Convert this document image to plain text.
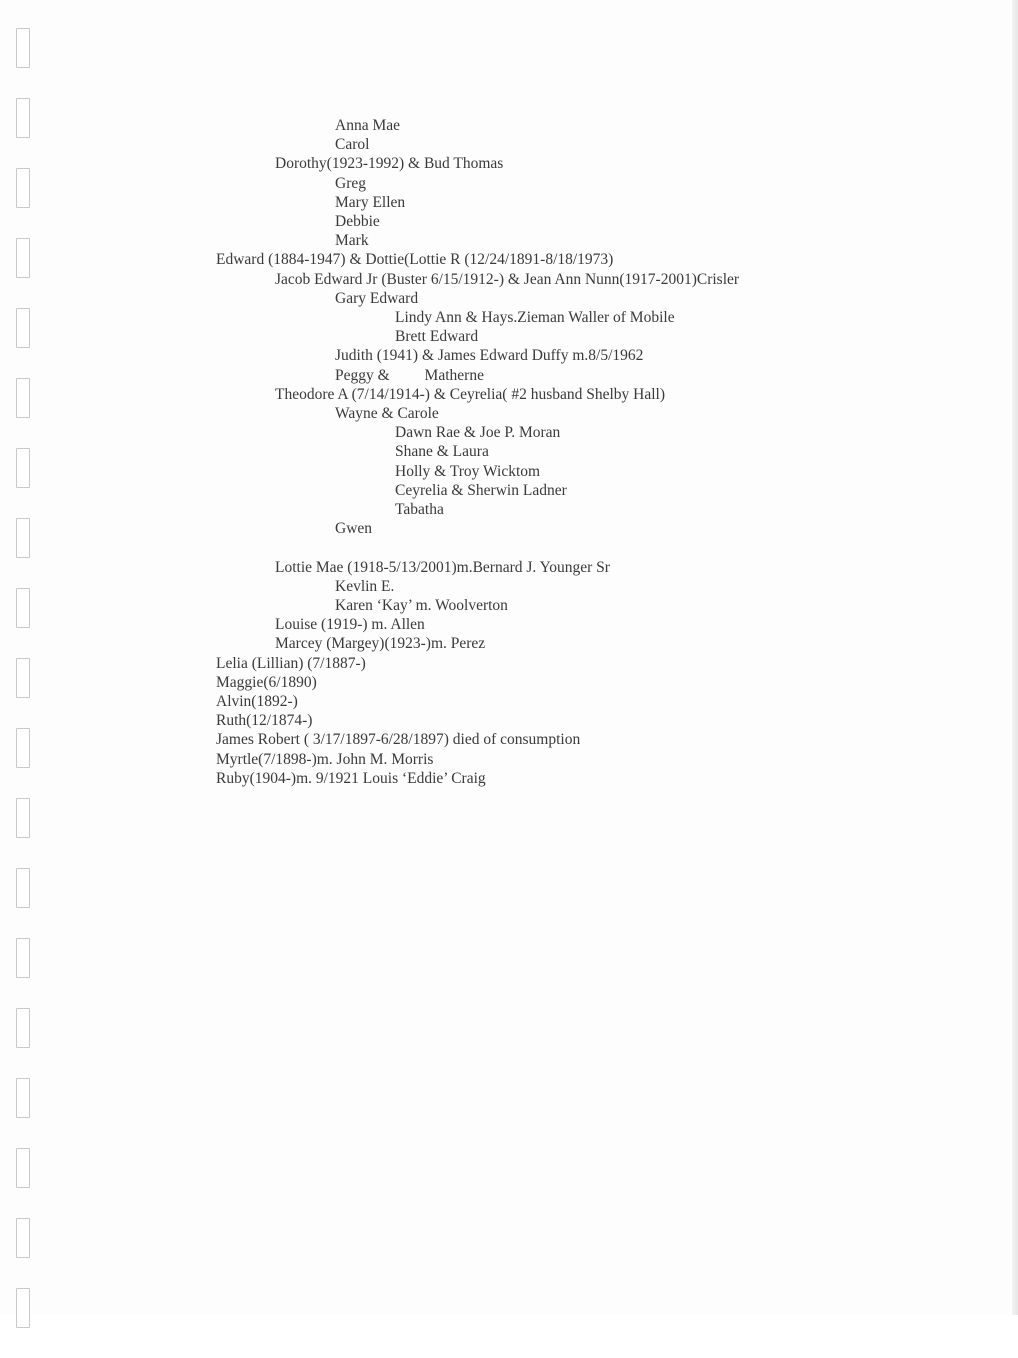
Anna Mae
Carol
Dorothy(1923-1992) & Bud Thomas
Greg
Mary Ellen
Debbie
Mark
Edward (1884-1947) & Dottie(Lottie R (12/24/1891-8/18/1973)
Jacob Edward Jr (Buster 6/15/1912-) & Jean Ann Nunn(1917-2001)Crisler
Gary Edward
Lindy Ann & Hays.Zieman Waller of Mobile
Brett Edward
Judith (1941) & James Edward Duffy m.8/5/1962
Peggy &         Matherne
Theodore A (7/14/1914-) & Ceyrelia( #2 husband Shelby Hall)
Wayne & Carole
Dawn Rae & Joe P. Moran
Shane & Laura
Holly & Troy Wicktom
Ceyrelia & Sherwin Ladner
Tabatha
Gwen
Lottie Mae (1918-5/13/2001)m.Bernard J. Younger Sr
Kevlin E.
Karen ‘Kay’ m. Woolverton
Louise (1919-) m. Allen
Marcey (Margey)(1923-)m. Perez
Lelia (Lillian) (7/1887-)
Maggie(6/1890)
Alvin(1892-)
Ruth(12/1874-)
James Robert ( 3/17/1897-6/28/1897) died of consumption
Myrtle(7/1898-)m. John M. Morris
Ruby(1904-)m. 9/1921 Louis ‘Eddie’ Craig
